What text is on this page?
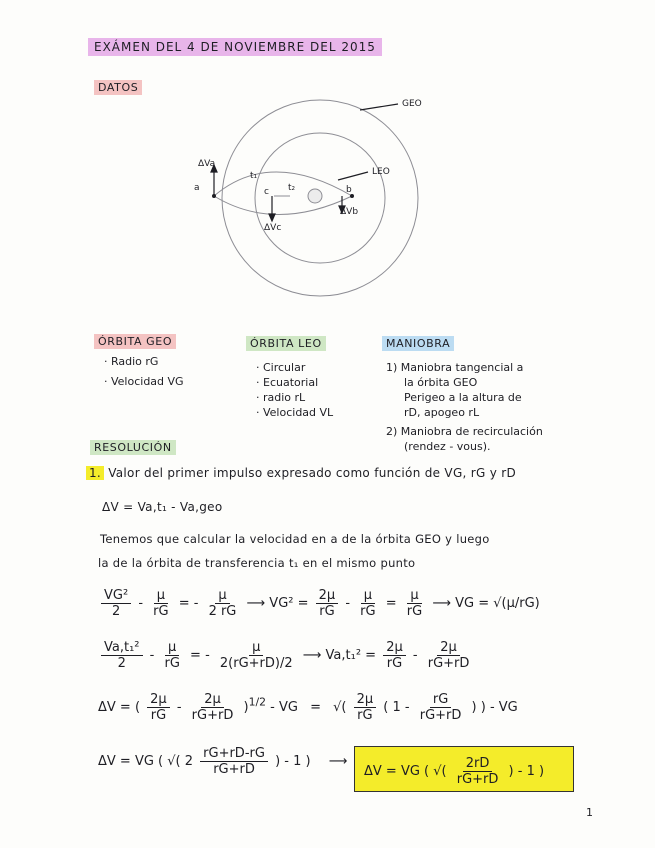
EXÁMEN DEL 4 DE NOVIEMBRE DEL 2015
DATOS
ΔVa
a
t₁
c t₂	b
ΔVb
ΔVc
GEO
LEO
ÓRBITA GEO
· Radio rG
· Velocidad VG
ÓRBITA LEO
· Circular
· Ecuatorial
· radio rL
· Velocidad VL
MANIOBRA
1) Maniobra tangencial a
la órbita GEO
Perigeo a la altura de
rD, apogeo rL
2) Maniobra de recirculación
(rendez - vous).
RESOLUCIÓN
1. Valor del primer impulso expresado como función de VG, rG y rD
ΔV = Va,t₁ - Va,geo
Tenemos que calcular la velocidad en a de la órbita GEO y luego
la de la órbita de transferencia t₁ en el mismo punto
$\frac{\text{VG²}}{2} - \frac{\mu}{rG}$ = - $\frac{\mu}{2 rG}$ ⟶ $VG^2 = \frac{2\mu}{rG} - \frac{\mu}{rG} = \frac{\mu}{rG}$ ⟶ VG = √(μ/rG)
$\frac{\text{Va,t₁²}}{2} - \frac{\mu}{rG}$ = - $\frac{\mu}{2(rG+rD)/2}$ ⟶ $Va,t_1^2 = \frac{2\mu}{rG} - \frac{2\mu}{rG+rD}$
ΔV = ( $\frac{2\mu}{rG} - \frac{2\mu}{rG+rD} )^{1/2}$ - VG = √( $\frac{2\mu}{rG}$ ( $1 - \frac{rG}{rG+rD}$ ) ) - VG
ΔV = VG ( √( $2 \frac{rG+rD-rG}{rG+rD}$ ) - 1 ) ⟶
ΔV = VG ( √( $\frac{2rD}{rG+rD}$ ) - 1 )
1
